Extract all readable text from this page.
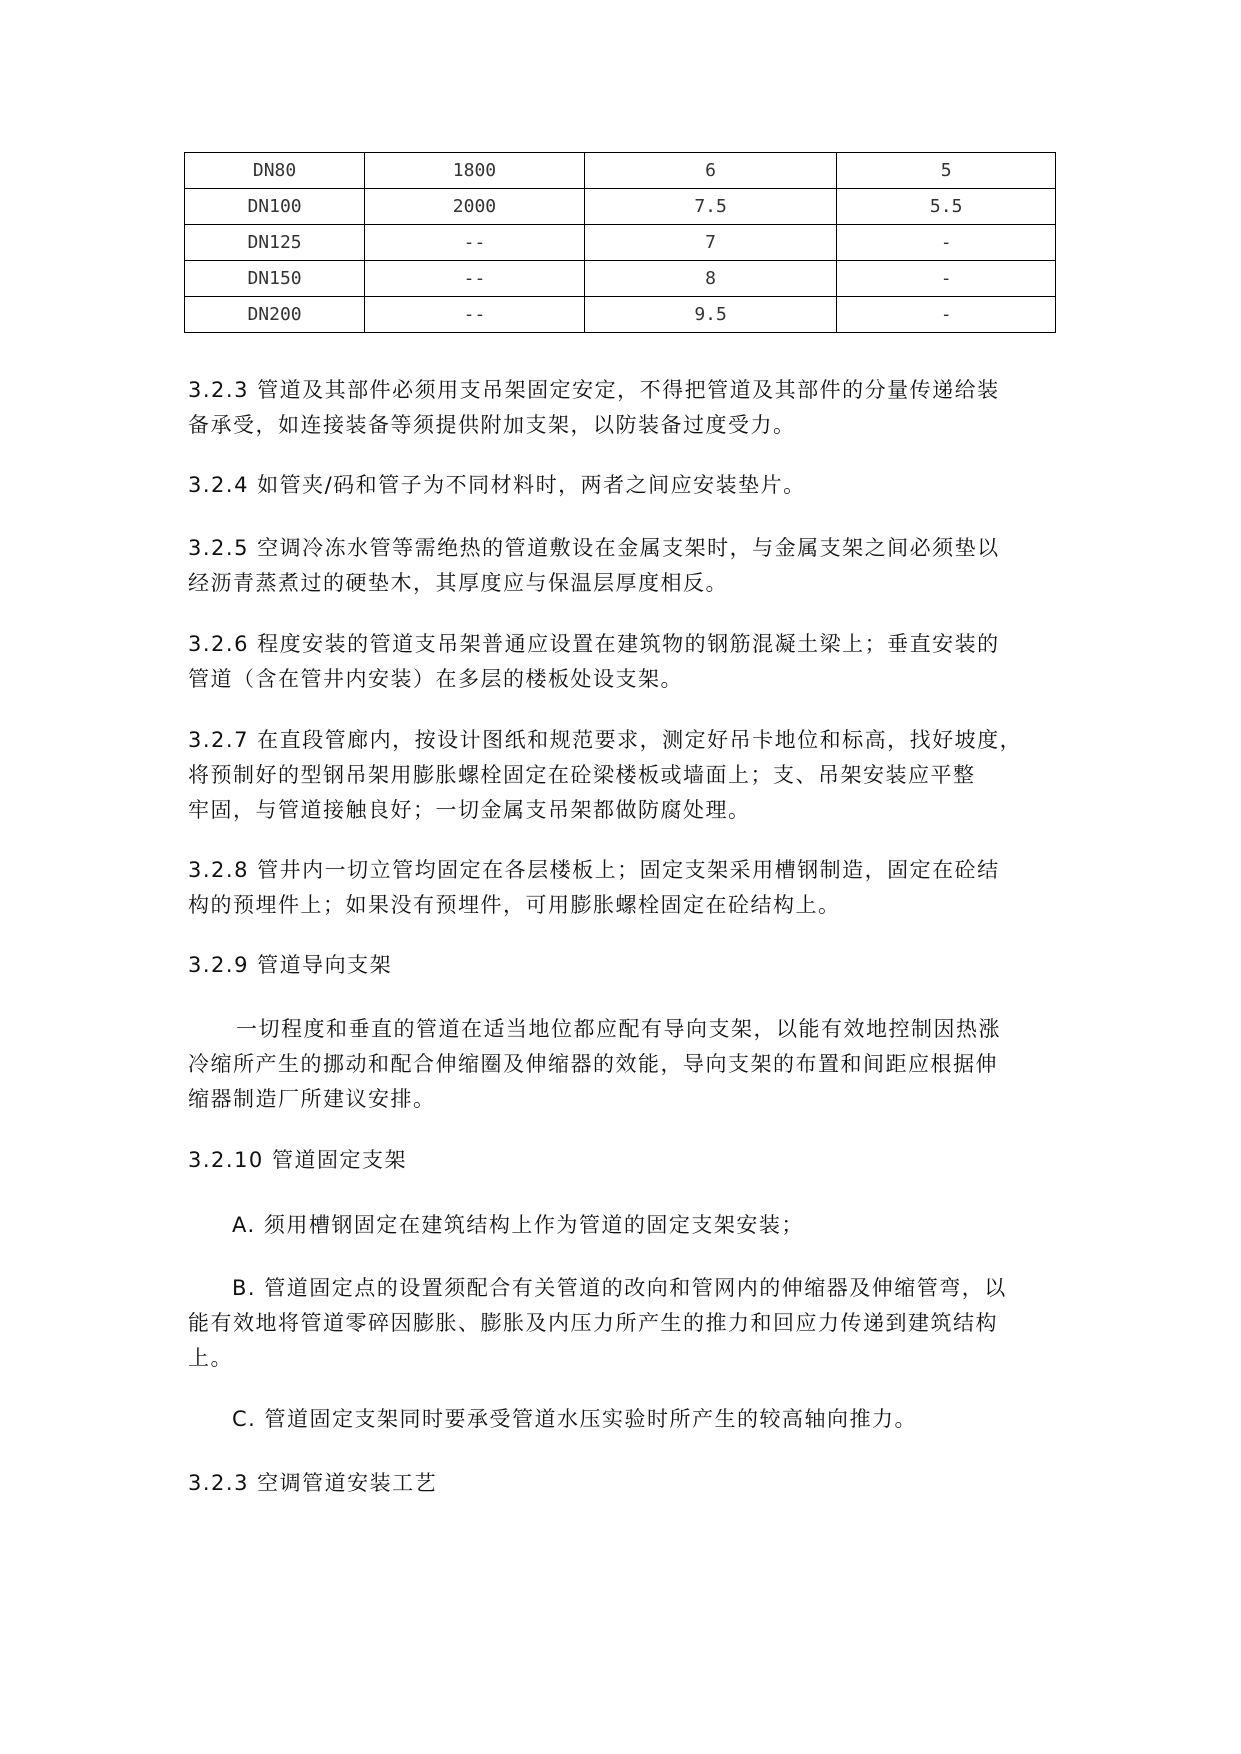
DN80	1800	6	5
DN100	2000	7.5	5.5
DN125	--	7	-
DN150	--	8	-
DN200	--	9.5	-
3.2.3 管道及其部件必须用支吊架固定安定，不得把管道及其部件的分量传递给装
备承受，如连接装备等须提供附加支架，以防装备过度受力。
3.2.4 如管夹/码和管子为不同材料时，两者之间应安装垫片。
3.2.5 空调冷冻水管等需绝热的管道敷设在金属支架时，与金属支架之间必须垫以
经沥青蒸煮过的硬垫木，其厚度应与保温层厚度相反。
3.2.6 程度安装的管道支吊架普通应设置在建筑物的钢筋混凝土梁上；垂直安装的
管道（含在管井内安装）在多层的楼板处设支架。
3.2.7 在直段管廊内，按设计图纸和规范要求，测定好吊卡地位和标高，找好坡度，
将预制好的型钢吊架用膨胀螺栓固定在砼梁楼板或墙面上；支、吊架安装应平整
牢固，与管道接触良好；一切金属支吊架都做防腐处理。
3.2.8 管井内一切立管均固定在各层楼板上；固定支架采用槽钢制造，固定在砼结
构的预埋件上；如果没有预埋件，可用膨胀螺栓固定在砼结构上。
3.2.9 管道导向支架
一切程度和垂直的管道在适当地位都应配有导向支架，以能有效地控制因热涨
冷缩所产生的挪动和配合伸缩圈及伸缩器的效能，导向支架的布置和间距应根据伸
缩器制造厂所建议安排。
3.2.10 管道固定支架
A. 须用槽钢固定在建筑结构上作为管道的固定支架安装；
B. 管道固定点的设置须配合有关管道的改向和管网内的伸缩器及伸缩管弯，以
能有效地将管道零碎因膨胀、膨胀及内压力所产生的推力和回应力传递到建筑结构
上。
C. 管道固定支架同时要承受管道水压实验时所产生的较高轴向推力。
3.2.3 空调管道安装工艺
